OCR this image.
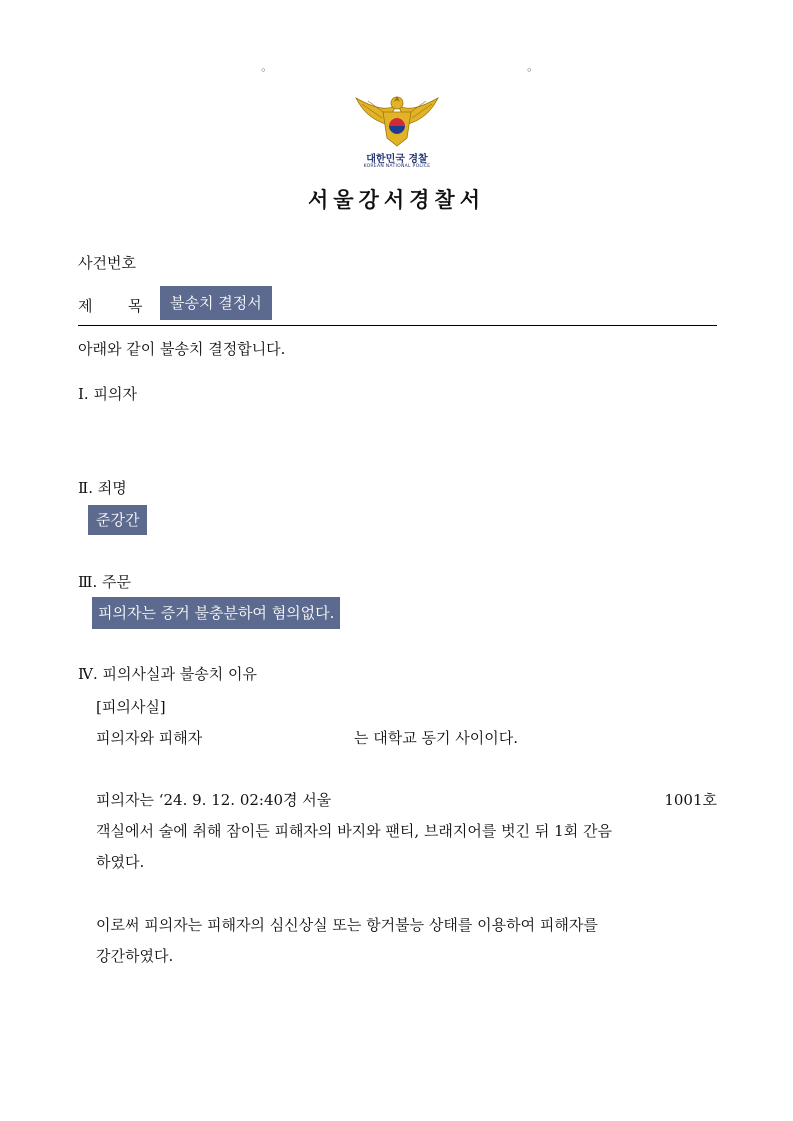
◦	◦
대한민국 경찰
KOREAN NATIONAL POLICE
서울강서경찰서
사건번호
제 목	불송치 결정서
아래와 같이 불송치 결정합니다.
Ⅰ. 피의자
Ⅱ. 죄명
준강간
Ⅲ. 주문
피의자는 증거 불충분하여 혐의없다.
Ⅳ. 피의사실과 불송치 이유
[피의사실]
피의자와 피해자	는 대학교 동기 사이이다.
피의자는 ‘24. 9. 12. 02:40경 서울	1001호
객실에서 술에 취해 잠이든 피해자의 바지와 팬티, 브래지어를 벗긴 뒤 1회 간음
하였다.
이로써 피의자는 피해자의 심신상실 또는 항거불능 상태를 이용하여 피해자를
강간하였다.
